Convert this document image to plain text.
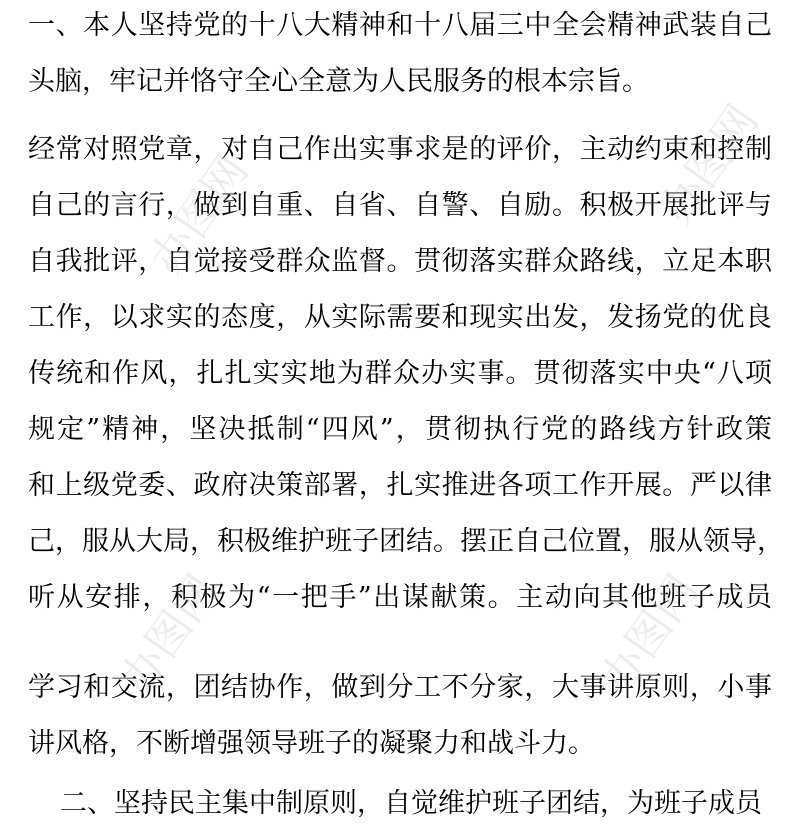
一、本人坚持党的十八大精神和十八届三中全会精神武装自己
头脑，牢记并恪守全心全意为人民服务的根本宗旨。
经常对照党章，对自己作出实事求是的评价，主动约束和控制
自己的言行，做到自重、自省、自警、自励。积极开展批评与
自我批评，自觉接受群众监督。贯彻落实群众路线，立足本职
工作，以求实的态度，从实际需要和现实出发，发扬党的优良
传统和作风，扎扎实实地为群众办实事。贯彻落实中央“八项
规定”精神，坚决抵制“四风”，贯彻执行党的路线方针政策
和上级党委、政府决策部署，扎实推进各项工作开展。严以律
己，服从大局，积极维护班子团结。摆正自己位置，服从领导，
听从安排，积极为“一把手”出谋献策。主动向其他班子成员
学习和交流，团结协作，做到分工不分家，大事讲原则，小事
讲风格，不断增强领导班子的凝聚力和战斗力。
二、坚持民主集中制原则，自觉维护班子团结，为班子成员
办图网	办图网
办图网	办图网
